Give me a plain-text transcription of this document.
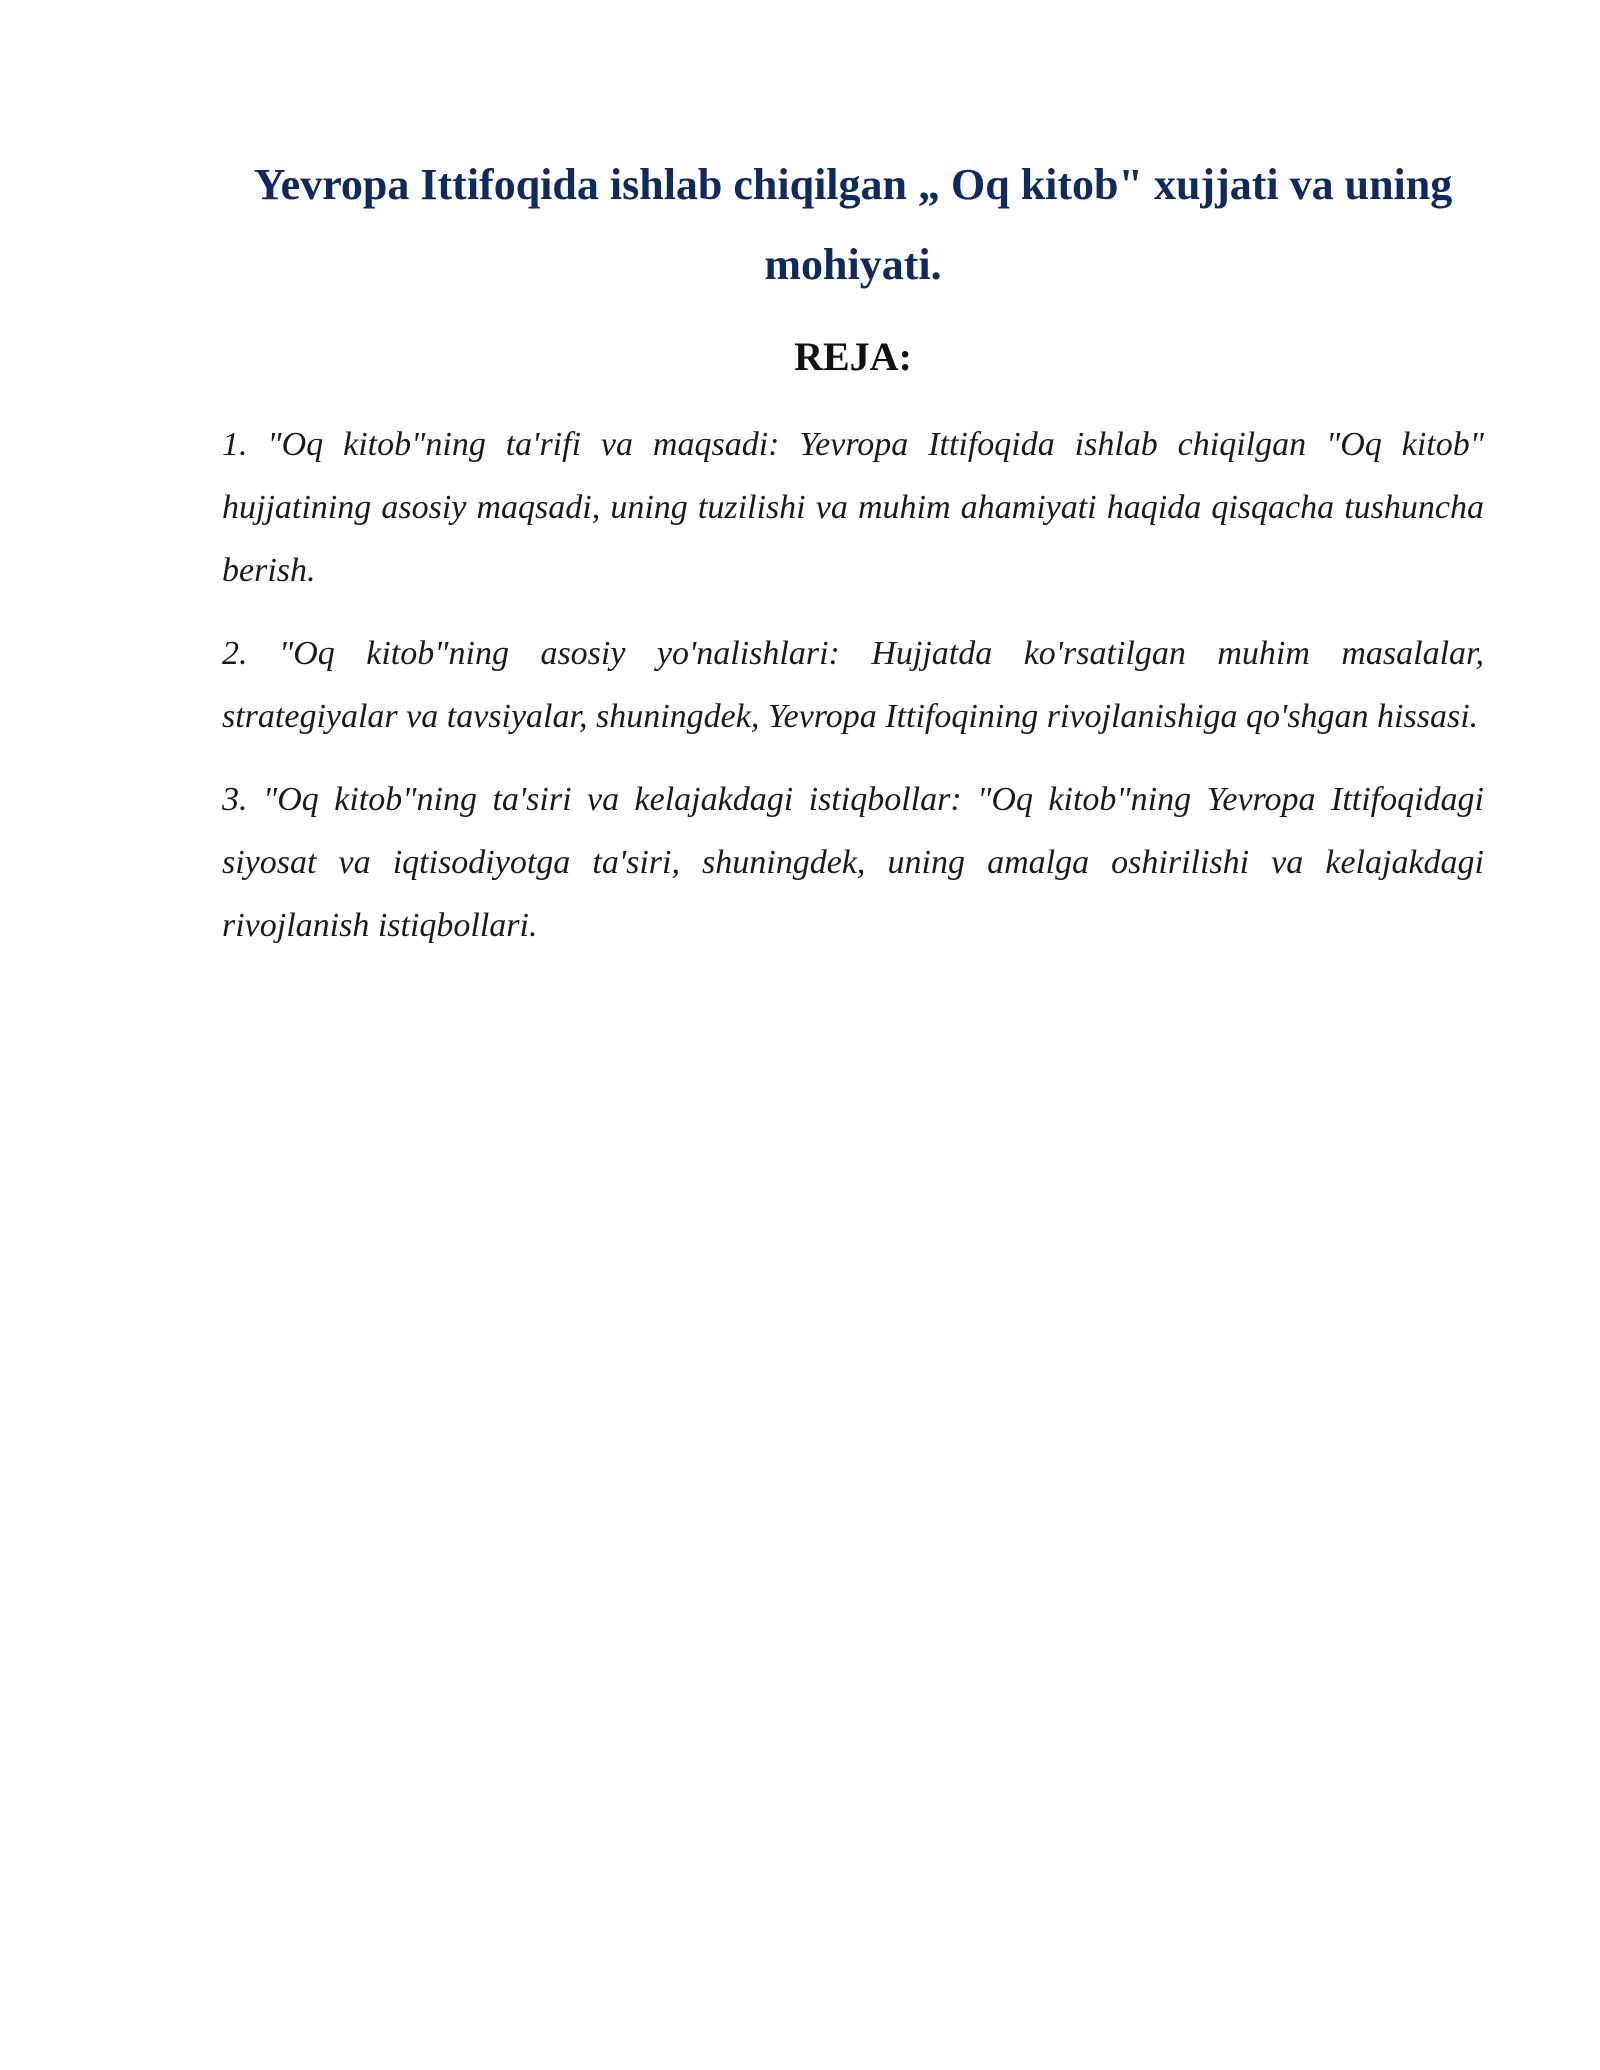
Yevropa Ittifoqida ishlab chiqilgan „ Oq kitob" xujjati va uning mohiyati.
REJA:
1. "Oq kitob"ning ta'rifi va maqsadi: Yevropa Ittifoqida ishlab chiqilgan "Oq kitob" hujjatining asosiy maqsadi, uning tuzilishi va muhim ahamiyati haqida qisqacha tushuncha berish.
2. "Oq kitob"ning asosiy yo'nalishlari: Hujjatda ko'rsatilgan muhim masalalar, strategiyalar va tavsiyalar, shuningdek, Yevropa Ittifoqining rivojlanishiga qo'shgan hissasi.
3. "Oq kitob"ning ta'siri va kelajakdagi istiqbollar: "Oq kitob"ning Yevropa Ittifoqidagi siyosat va iqtisodiyotga ta'siri, shuningdek, uning amalga oshirilishi va kelajakdagi rivojlanish istiqbollari.
